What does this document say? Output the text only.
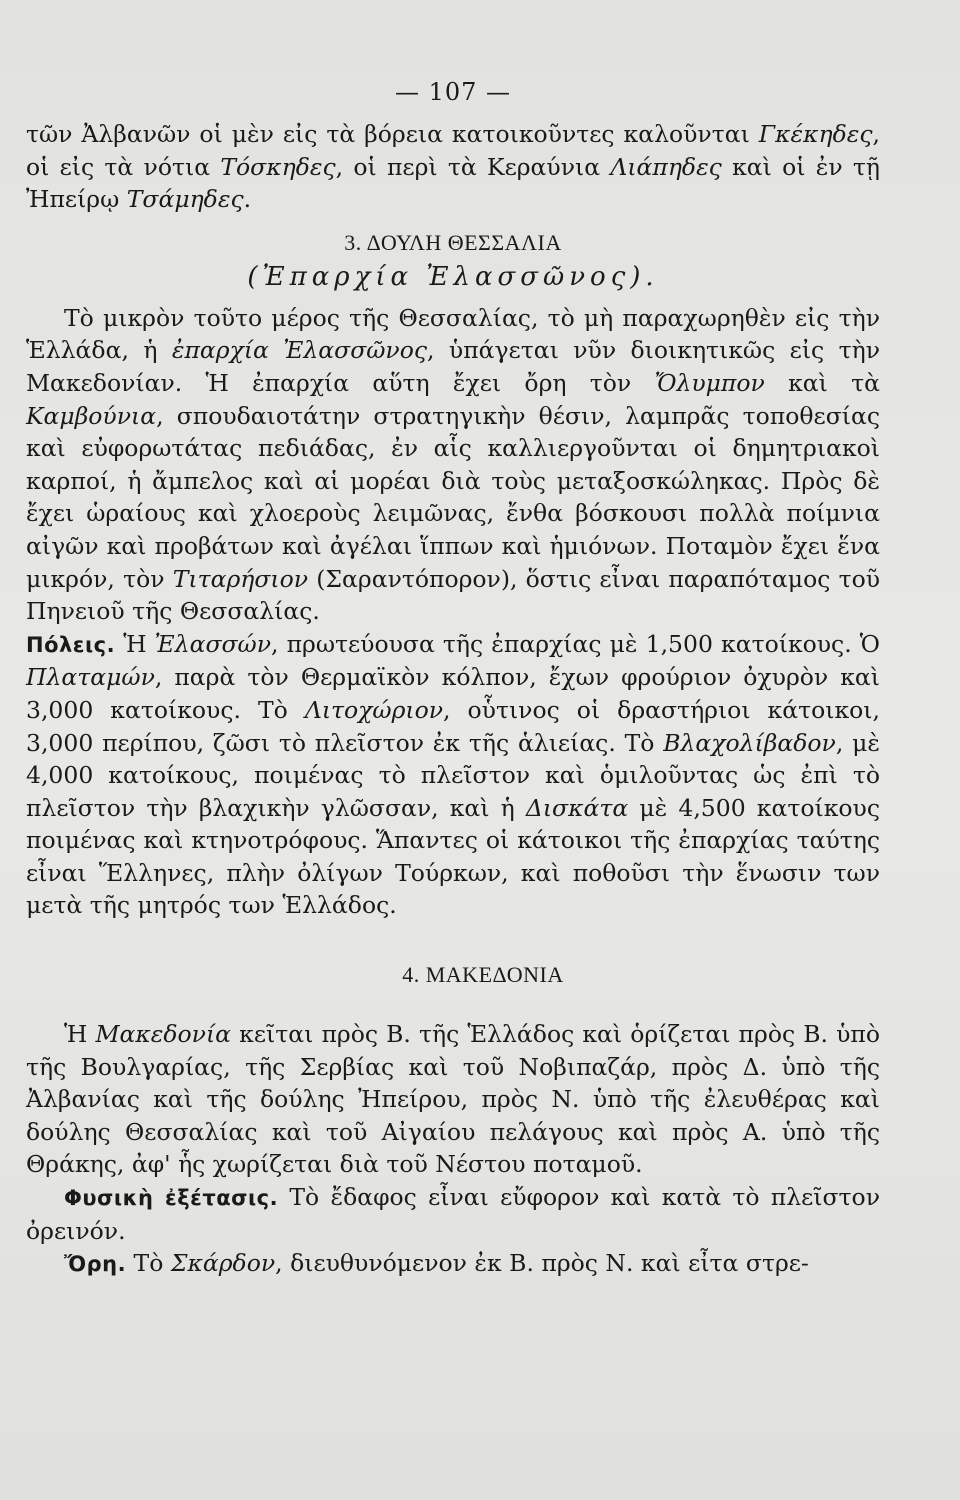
— 107 —

τῶν Ἀλβανῶν οἱ μὲν εἰς τὰ βόρεια κατοικοῦντες καλοῦνται Γκέκηδες, οἱ εἰς τὰ νότια Τόσκηδες, οἱ περὶ τὰ Κεραύνια Λιάπηδες καὶ οἱ ἐν τῇ Ἠπείρῳ Τσάμηδες.

3. ΔΟΥΛΗ ΘΕΣΣΑΛΙΑ
(Ἐπαρχία Ἐλασσῶνος).

Τὸ μικρὸν τοῦτο μέρος τῆς Θεσσαλίας, τὸ μὴ παραχωρηθὲν εἰς τὴν Ἑλλάδα, ἡ ἐπαρχία Ἐλασσῶνος, ὑπάγεται νῦν διοικητικῶς εἰς τὴν Μακεδονίαν. Ἡ ἐπαρχία αὕτη ἔχει ὄρη τὸν Ὄλυμπον καὶ τὰ Καμβούνια, σπουδαιοτάτην στρατηγικὴν θέσιν, λαμπρᾶς τοποθεσίας καὶ εὐφορωτάτας πεδιάδας, ἐν αἷς καλλιεργοῦνται οἱ δημητριακοὶ καρποί, ἡ ἄμπελος καὶ αἱ μορέαι διὰ τοὺς μεταξοσκώληκας. Πρὸς δὲ ἔχει ὡραίους καὶ χλοεροὺς λειμῶνας, ἔνθα βόσκουσι πολλὰ ποίμνια αἰγῶν καὶ προβάτων καὶ ἀγέλαι ἵππων καὶ ἡμιόνων. Ποταμὸν ἔχει ἕνα μικρόν, τὸν Τιταρήσιον (Σαραντόπορον), ὅστις εἶναι παραπόταμος τοῦ Πηνειοῦ τῆς Θεσσαλίας.

Πόλεις. Ἡ Ἐλασσών, πρωτεύουσα τῆς ἐπαρχίας μὲ 1,500 κατοίκους. Ὁ Πλαταμών, παρὰ τὸν Θερμαϊκὸν κόλπον, ἔχων φρούριον ὀχυρὸν καὶ 3,000 κατοίκους. Τὸ Λιτοχώριον, οὗτινος οἱ δραστήριοι κάτοικοι, 3,000 περίπου, ζῶσι τὸ πλεῖστον ἐκ τῆς ἁλιείας. Τὸ Βλαχολίβαδον, μὲ 4,000 κατοίκους, ποιμένας τὸ πλεῖστον καὶ ὁμιλοῦντας ὡς ἐπὶ τὸ πλεῖστον τὴν βλαχικὴν γλῶσσαν, καὶ ἡ Δισκάτα μὲ 4,500 κατοίκους ποιμένας καὶ κτηνοτρόφους. Ἅπαντες οἱ κάτοικοι τῆς ἐπαρχίας ταύτης εἶναι Ἕλληνες, πλὴν ὀλίγων Τούρκων, καὶ ποθοῦσι τὴν ἕνωσιν των μετὰ τῆς μητρός των Ἑλλάδος.

4. ΜΑΚΕΔΟΝΙΑ

Ἡ Μακεδονία κεῖται πρὸς Β. τῆς Ἑλλάδος καὶ ὁρίζεται πρὸς Β. ὑπὸ τῆς Βουλγαρίας, τῆς Σερβίας καὶ τοῦ Νοβιπαζάρ, πρὸς Δ. ὑπὸ τῆς Ἀλβανίας καὶ τῆς δούλης Ἠπείρου, πρὸς Ν. ὑπὸ τῆς ἐλευθέρας καὶ δούλης Θεσσαλίας καὶ τοῦ Αἰγαίου πελάγους καὶ πρὸς Α. ὑπὸ τῆς Θράκης, ἀφ' ἧς χωρίζεται διὰ τοῦ Νέστου ποταμοῦ.

Φυσικὴ ἐξέτασις. Τὸ ἔδαφος εἶναι εὔφορον καὶ κατὰ τὸ πλεῖστον ὀρεινόν.

Ὄρη. Τὸ Σκάρδον, διευθυνόμενον ἐκ Β. πρὸς Ν. καὶ εἶτα στρε-
